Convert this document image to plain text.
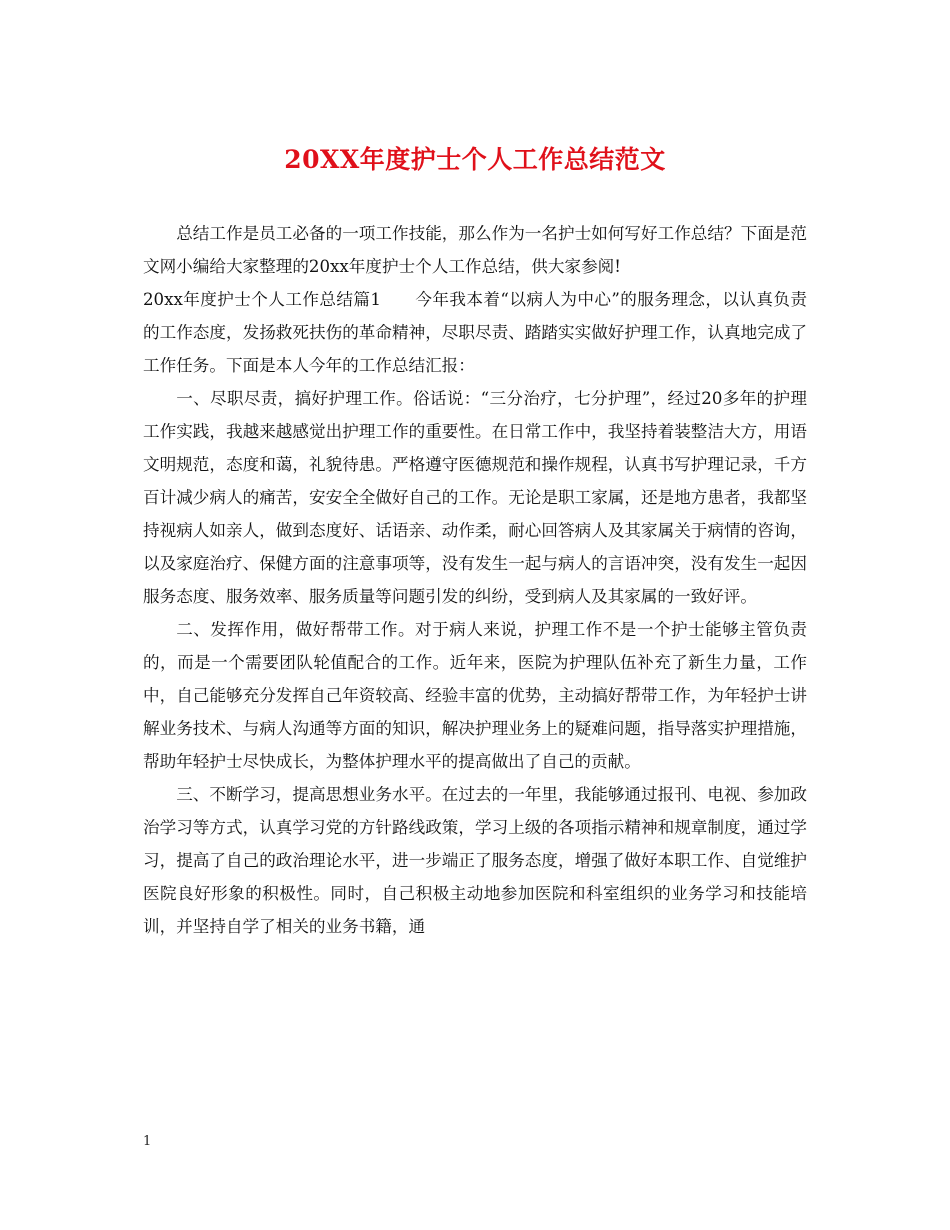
20XX年度护士个人工作总结范文

总结工作是员工必备的一项工作技能，那么作为一名护士如何写好工作总结？下面是范文网小编给大家整理的20xx年度护士个人工作总结，供大家参阅!

20xx年度护士个人工作总结篇1　　今年我本着“以病人为中心”的服务理念，以认真负责的工作态度，发扬救死扶伤的革命精神，尽职尽责、踏踏实实做好护理工作，认真地完成了工作任务。下面是本人今年的工作总结汇报：

一、尽职尽责，搞好护理工作。俗话说：“三分治疗，七分护理”，经过20多年的护理工作实践，我越来越感觉出护理工作的重要性。在日常工作中，我坚持着装整洁大方，用语文明规范，态度和蔼，礼貌待患。严格遵守医德规范和操作规程，认真书写护理记录，千方百计减少病人的痛苦，安安全全做好自己的工作。无论是职工家属，还是地方患者，我都坚持视病人如亲人，做到态度好、话语亲、动作柔，耐心回答病人及其家属关于病情的咨询，以及家庭治疗、保健方面的注意事项等，没有发生一起与病人的言语冲突，没有发生一起因服务态度、服务效率、服务质量等问题引发的纠纷，受到病人及其家属的一致好评。

二、发挥作用，做好帮带工作。对于病人来说，护理工作不是一个护士能够主管负责的，而是一个需要团队轮值配合的工作。近年来，医院为护理队伍补充了新生力量，工作中，自己能够充分发挥自己年资较高、经验丰富的优势，主动搞好帮带工作，为年轻护士讲解业务技术、与病人沟通等方面的知识，解决护理业务上的疑难问题，指导落实护理措施，帮助年轻护士尽快成长，为整体护理水平的提高做出了自己的贡献。

三、不断学习，提高思想业务水平。在过去的一年里，我能够通过报刊、电视、参加政治学习等方式，认真学习党的方针路线政策，学习上级的各项指示精神和规章制度，通过学习，提高了自己的政治理论水平，进一步端正了服务态度，增强了做好本职工作、自觉维护医院良好形象的积极性。同时，自己积极主动地参加医院和科室组织的业务学习和技能培训，并坚持自学了相关的业务书籍，通

1
